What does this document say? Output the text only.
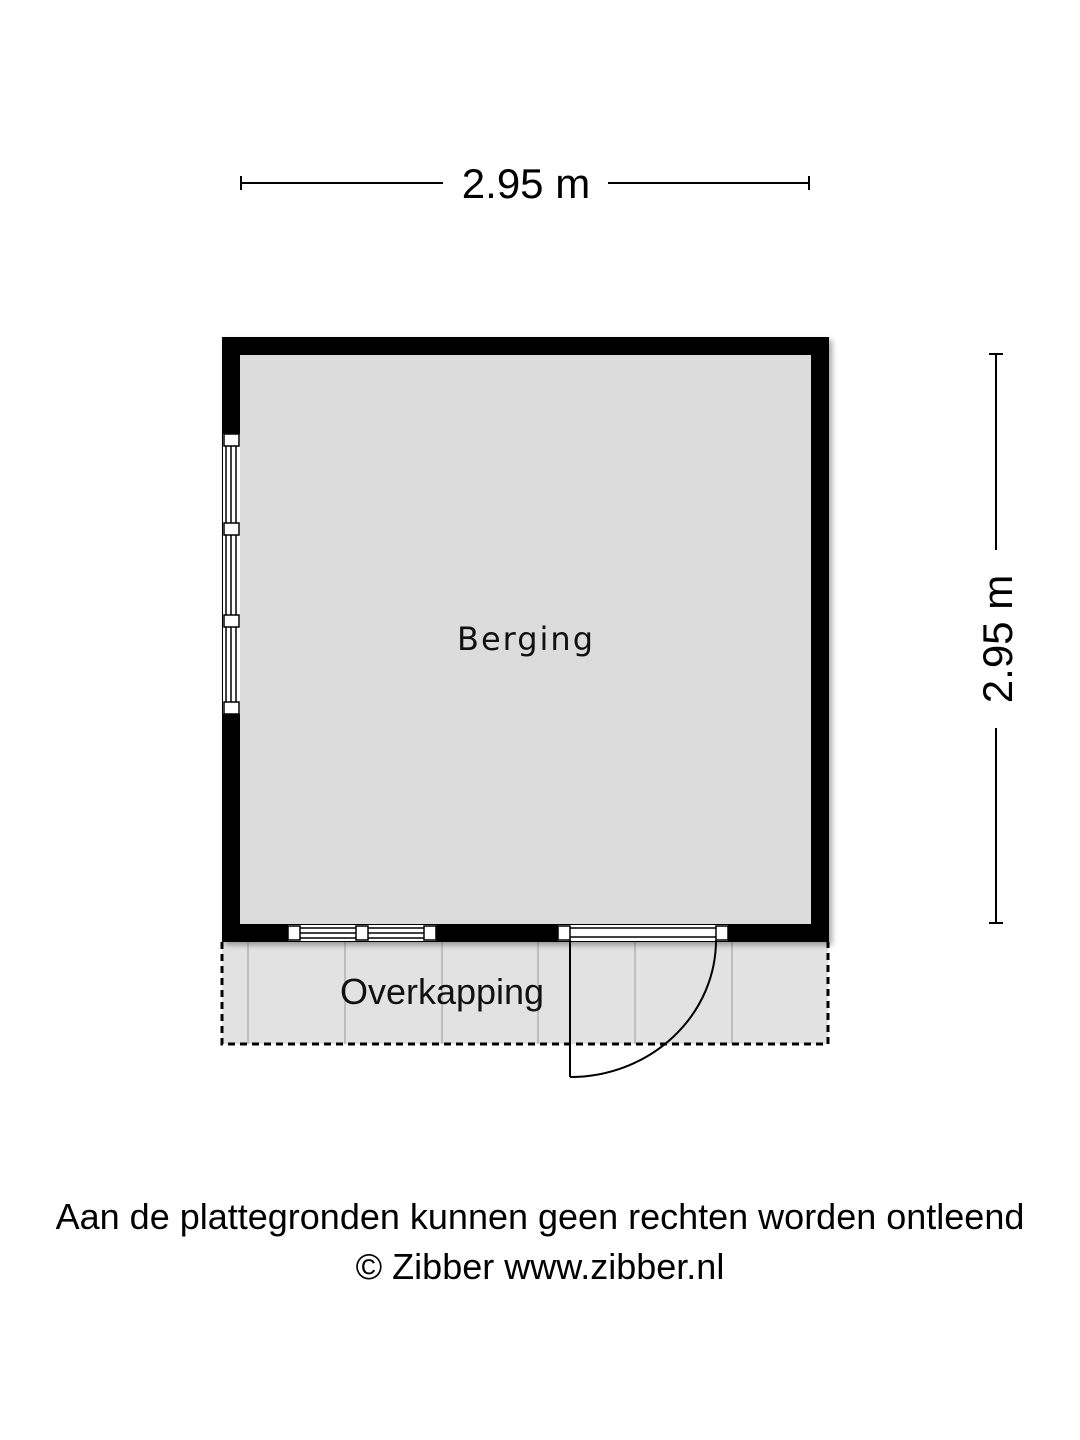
2.95 m
2.95 m
Overkapping
Berging
Aan de plattegronden kunnen geen rechten worden ontleend
© Zibber www.zibber.nl
